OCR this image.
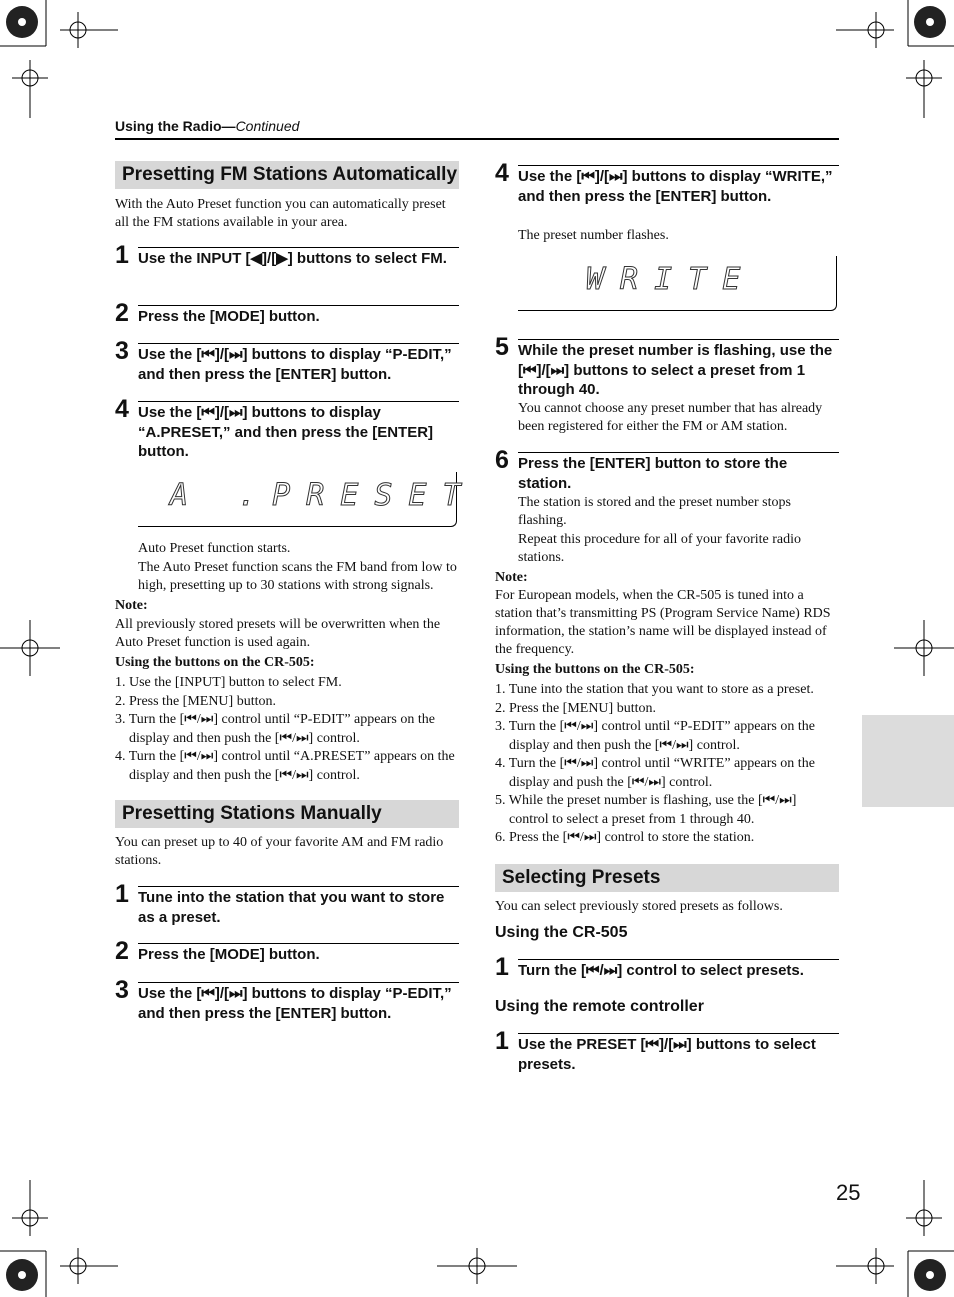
Using the Radio—Continued
Presetting FM Stations Automatically
With the Auto Preset function you can automatically preset all the FM stations available in your area.
1 Use the INPUT [◀]/[▶] buttons to select FM.
2 Press the [MODE] button.
3 Use the [⏮]/[⏭] buttons to display “P-EDIT,” and then press the [ENTER] button.
4 Use the [⏮]/[⏭] buttons to display “A.PRESET,” and then press the [ENTER] button.
A .PRESET

Auto Preset function starts.

The Auto Preset function scans the FM band from low to high, presetting up to 30 stations with strong signals.

Note:
All previously stored presets will be overwritten when the Auto Preset function is used again.
Using the buttons on the CR-505:
1. Use the [INPUT] button to select FM.
2. Press the [MENU] button.
3. Turn the [⏮/⏭] control until “P-EDIT” appears on the display and then push the [⏮/⏭] control.
4. Turn the [⏮/⏭] control until “A.PRESET” appears on the display and then push the [⏮/⏭] control.
Presetting Stations Manually
You can preset up to 40 of your favorite AM and FM radio stations.
1 Tune into the station that you want to store as a preset.
2 Press the [MODE] button.
3 Use the [⏮]/[⏭] buttons to display “P-EDIT,” and then press the [ENTER] button.
4 Use the [⏮]/[⏭] buttons to display “WRITE,” and then press the [ENTER] button.
The preset number flashes.
WRITE
5 While the preset number is flashing, use the [⏮]/[⏭] buttons to select a preset from 1 through 40.
You cannot choose any preset number that has already been registered for either the FM or AM station.
6 Press the [ENTER] button to store the station.

The station is stored and the preset number stops flashing.

Repeat this procedure for all of your favorite radio stations.

Note:
For European models, when the CR-505 is tuned into a station that’s transmitting PS (Program Service Name) RDS information, the station’s name will be displayed instead of the frequency.
Using the buttons on the CR-505:
1. Tune into the station that you want to store as a preset.
2. Press the [MENU] button.
3. Turn the [⏮/⏭] control until “P-EDIT” appears on the display and then push the [⏮/⏭] control.
4. Turn the [⏮/⏭] control until “WRITE” appears on the display and push the [⏮/⏭] control.
5. While the preset number is flashing, use the [⏮/⏭] control to select a preset from 1 through 40.
6. Press the [⏮/⏭] control to store the station.
Selecting Presets
You can select previously stored presets as follows.
Using the CR-505
1 Turn the [⏮/⏭] control to select presets.
Using the remote controller
1 Use the PRESET [⏮]/[⏭] buttons to select presets.
25
